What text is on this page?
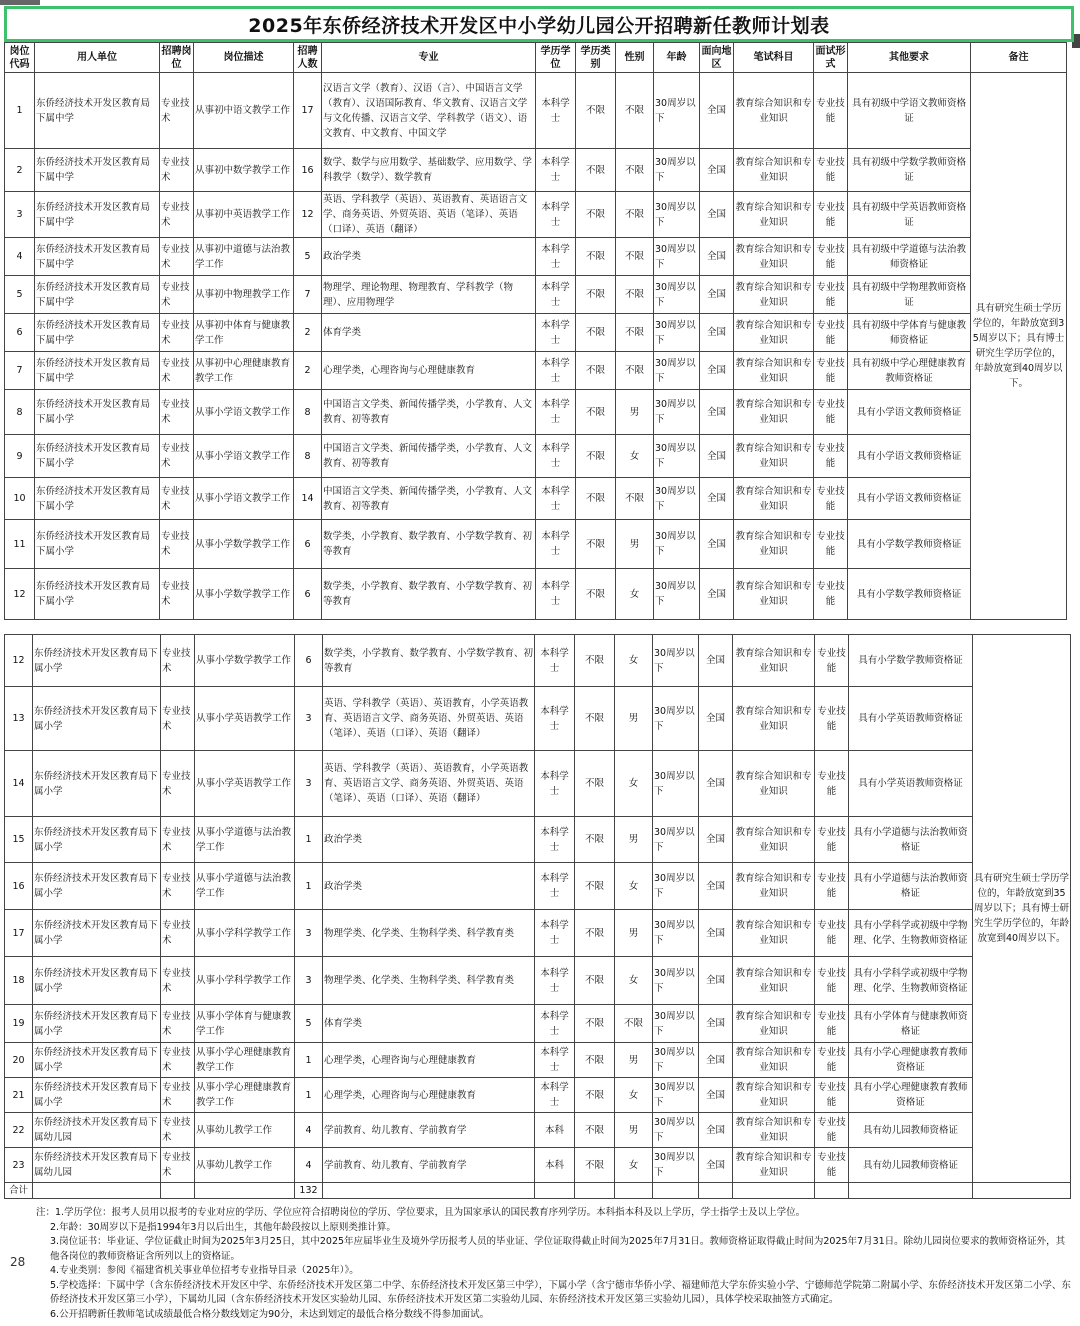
2025年东侨经济技术开发区中小学幼儿园公开招聘新任教师计划表
岗位代码	用人单位	招聘岗位	岗位描述	招聘人数	专业	学历学位	学历类别	性别	年龄	面向地区	笔试科目	面试形式	其他要求	备注
1	东侨经济技术开发区教育局下属中学	专业技术	从事初中语文教学工作	17	汉语言文学（教育）、汉语（言）、中国语言文学（教育）、汉语国际教育、华文教育、汉语言文学与文化传播、汉语言文学、学科教学（语文）、语文教育、中文教育、中国文学	本科学士	不限	不限	30周岁以下	全国	教育综合知识和专业知识	专业技能	具有初级中学语文教师资格证	具有研究生硕士学历学位的，年龄放宽到35周岁以下；具有博士研究生学历学位的，年龄放宽到40周岁以下。
2	东侨经济技术开发区教育局下属中学	专业技术	从事初中数学教学工作	16	数学、数学与应用数学、基础数学、应用数学、学科教学（数学）、数学教育	本科学士	不限	不限	30周岁以下	全国	教育综合知识和专业知识	专业技能	具有初级中学数学教师资格证	
3	东侨经济技术开发区教育局下属中学	专业技术	从事初中英语教学工作	12	英语、学科教学（英语）、英语教育、英语语言文学、商务英语、外贸英语、英语（笔译）、英语（口译）、英语（翻译）	本科学士	不限	不限	30周岁以下	全国	教育综合知识和专业知识	专业技能	具有初级中学英语教师资格证	
4	东侨经济技术开发区教育局下属中学	专业技术	从事初中道德与法治教学工作	5	政治学类	本科学士	不限	不限	30周岁以下	全国	教育综合知识和专业知识	专业技能	具有初级中学道德与法治教师资格证	
5	东侨经济技术开发区教育局下属中学	专业技术	从事初中物理教学工作	7	物理学、理论物理、物理教育、学科教学（物理）、应用物理学	本科学士	不限	不限	30周岁以下	全国	教育综合知识和专业知识	专业技能	具有初级中学物理教师资格证	
6	东侨经济技术开发区教育局下属中学	专业技术	从事初中体育与健康教学工作	2	体育学类	本科学士	不限	不限	30周岁以下	全国	教育综合知识和专业知识	专业技能	具有初级中学体育与健康教师资格证	
7	东侨经济技术开发区教育局下属中学	专业技术	从事初中心理健康教育教学工作	2	心理学类，心理咨询与心理健康教育	本科学士	不限	不限	30周岁以下	全国	教育综合知识和专业知识	专业技能	具有初级中学心理健康教育教师资格证	
8	东侨经济技术开发区教育局下属小学	专业技术	从事小学语文教学工作	8	中国语言文学类、新闻传播学类，小学教育、人文教育、初等教育	本科学士	不限	男	30周岁以下	全国	教育综合知识和专业知识	专业技能	具有小学语文教师资格证	
9	东侨经济技术开发区教育局下属小学	专业技术	从事小学语文教学工作	8	中国语言文学类、新闻传播学类，小学教育、人文教育、初等教育	本科学士	不限	女	30周岁以下	全国	教育综合知识和专业知识	专业技能	具有小学语文教师资格证	
10	东侨经济技术开发区教育局下属小学	专业技术	从事小学语文教学工作	14	中国语言文学类、新闻传播学类，小学教育、人文教育、初等教育	本科学士	不限	不限	30周岁以下	全国	教育综合知识和专业知识	专业技能	具有小学语文教师资格证	
11	东侨经济技术开发区教育局下属小学	专业技术	从事小学数学教学工作	6	数学类，小学教育、数学教育、小学数学教育、初等教育	本科学士	不限	男	30周岁以下	全国	教育综合知识和专业知识	专业技能	具有小学数学教师资格证	
12	东侨经济技术开发区教育局下属小学	专业技术	从事小学数学教学工作	6	数学类，小学教育、数学教育、小学数学教育、初等教育	本科学士	不限	女	30周岁以下	全国	教育综合知识和专业知识	专业技能	具有小学数学教师资格证	
12	东侨经济技术开发区教育局下属小学	专业技术	从事小学数学教学工作	6	数学类，小学教育、数学教育、小学数学教育、初等教育	本科学士	不限	女	30周岁以下	全国	教育综合知识和专业知识	专业技能	具有小学数学教师资格证	具有研究生硕士学历学位的，年龄放宽到35周岁以下；具有博士研究生学历学位的，年龄放宽到40周岁以下。
13	东侨经济技术开发区教育局下属小学	专业技术	从事小学英语教学工作	3	英语、学科教学（英语）、英语教育，小学英语教育、英语语言文学、商务英语、外贸英语、英语（笔译）、英语（口译）、英语（翻译）	本科学士	不限	男	30周岁以下	全国	教育综合知识和专业知识	专业技能	具有小学英语教师资格证	
14	东侨经济技术开发区教育局下属小学	专业技术	从事小学英语教学工作	3	英语、学科教学（英语）、英语教育，小学英语教育、英语语言文学、商务英语、外贸英语、英语（笔译）、英语（口译）、英语（翻译）	本科学士	不限	女	30周岁以下	全国	教育综合知识和专业知识	专业技能	具有小学英语教师资格证	
15	东侨经济技术开发区教育局下属小学	专业技术	从事小学道德与法治教学工作	1	政治学类	本科学士	不限	男	30周岁以下	全国	教育综合知识和专业知识	专业技能	具有小学道德与法治教师资格证	
16	东侨经济技术开发区教育局下属小学	专业技术	从事小学道德与法治教学工作	1	政治学类	本科学士	不限	女	30周岁以下	全国	教育综合知识和专业知识	专业技能	具有小学道德与法治教师资格证	
17	东侨经济技术开发区教育局下属小学	专业技术	从事小学科学教学工作	3	物理学类、化学类、生物科学类、科学教育类	本科学士	不限	男	30周岁以下	全国	教育综合知识和专业知识	专业技能	具有小学科学或初级中学物理、化学、生物教师资格证	
18	东侨经济技术开发区教育局下属小学	专业技术	从事小学科学教学工作	3	物理学类、化学类、生物科学类、科学教育类	本科学士	不限	女	30周岁以下	全国	教育综合知识和专业知识	专业技能	具有小学科学或初级中学物理、化学、生物教师资格证	
19	东侨经济技术开发区教育局下属小学	专业技术	从事小学体育与健康教学工作	5	体育学类	本科学士	不限	不限	30周岁以下	全国	教育综合知识和专业知识	专业技能	具有小学体育与健康教师资格证	
20	东侨经济技术开发区教育局下属小学	专业技术	从事小学心理健康教育教学工作	1	心理学类，心理咨询与心理健康教育	本科学士	不限	男	30周岁以下	全国	教育综合知识和专业知识	专业技能	具有小学心理健康教育教师资格证	
21	东侨经济技术开发区教育局下属小学	专业技术	从事小学心理健康教育教学工作	1	心理学类，心理咨询与心理健康教育	本科学士	不限	女	30周岁以下	全国	教育综合知识和专业知识	专业技能	具有小学心理健康教育教师资格证	
22	东侨经济技术开发区教育局下属幼儿园	专业技术	从事幼儿教学工作	4	学前教育、幼儿教育、学前教育学	本科	不限	男	30周岁以下	全国	教育综合知识和专业知识	专业技能	具有幼儿园教师资格证	
23	东侨经济技术开发区教育局下属幼儿园	专业技术	从事幼儿教学工作	4	学前教育、幼儿教育、学前教育学	本科	不限	女	30周岁以下	全国	教育综合知识和专业知识	专业技能	具有幼儿园教师资格证	
合计				132										
28
注：1.学历学位：报考人员用以报考的专业对应的学历、学位应符合招聘岗位的学历、学位要求，且为国家承认的国民教育序列学历。本科指本科及以上学历，学士指学士及以上学位。
2.年龄：30周岁以下是指1994年3月以后出生，其他年龄段按以上原则类推计算。
3.岗位证书：毕业证、学位证截止时间为2025年3月25日，其中2025年应届毕业生及境外学历报考人员的毕业证、学位证取得截止时间为2025年7月31日。教师资格证取得截止时间为2025年7月31日。除幼儿园岗位要求的教师资格证外，其他各岗位的教师资格证含所列以上的资格证。
4.专业类别：参阅《福建省机关事业单位招考专业指导目录（2025年）》。
5.学校选择：下属中学（含东侨经济技术开发区中学、东侨经济技术开发区第二中学、东侨经济技术开发区第三中学），下属小学（含宁德市华侨小学、福建师范大学东侨实验小学、宁德师范学院第二附属小学、东侨经济技术开发区第二小学、东侨经济技术开发区第三小学），下属幼儿园（含东侨经济技术开发区实验幼儿园、东侨经济技术开发区第二实验幼儿园、东侨经济技术开发区第三实验幼儿园），具体学校采取抽签方式确定。
6.公开招聘新任教师笔试成绩最低合格分数线划定为90分，未达到划定的最低合格分数线不得参加面试。
